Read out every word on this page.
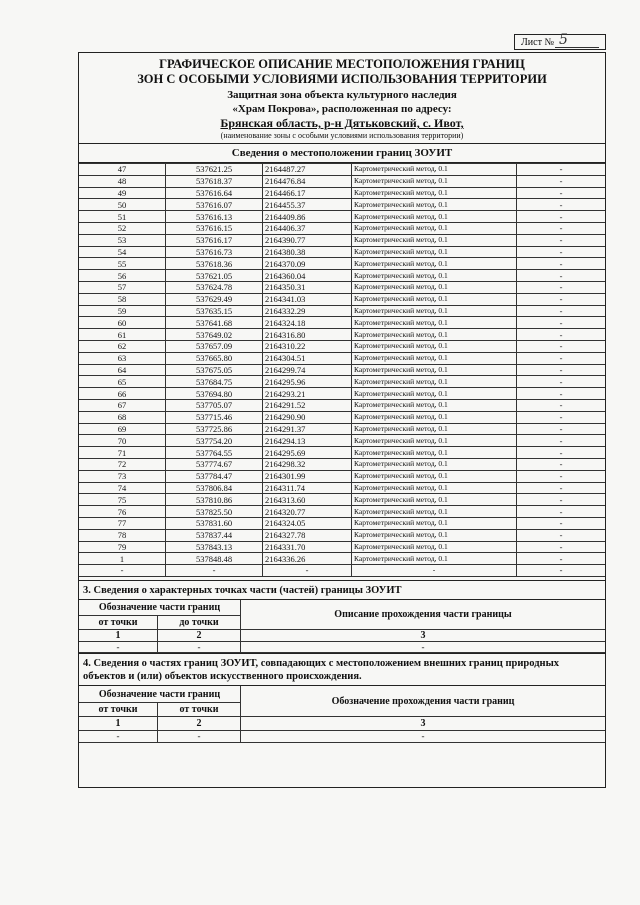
Лист № 5
ГРАФИЧЕСКОЕ ОПИСАНИЕ МЕСТОПОЛОЖЕНИЯ ГРАНИЦ
ЗОН С ОСОБЫМИ УСЛОВИЯМИ ИСПОЛЬЗОВАНИЯ ТЕРРИТОРИИ
Защитная зона объекта культурного наследия
«Храм Покрова», расположенная по адресу:
Брянская область, р-н Дятьковский, с. Ивот,
(наименование зоны с особыми условиями использования территории)
Сведения о местоположении границ ЗОУИТ
47	537621.25	2164487.27	Картометрический метод, 0.1	-
48	537618.37	2164476.84	Картометрический метод, 0.1	-
49	537616.64	2164466.17	Картометрический метод, 0.1	-
50	537616.07	2164455.37	Картометрический метод, 0.1	-
51	537616.13	2164409.86	Картометрический метод, 0.1	-
52	537616.15	2164406.37	Картометрический метод, 0.1	-
53	537616.17	2164390.77	Картометрический метод, 0.1	-
54	537616.73	2164380.38	Картометрический метод, 0.1	-
55	537618.36	2164370.09	Картометрический метод, 0.1	-
56	537621.05	2164360.04	Картометрический метод, 0.1	-
57	537624.78	2164350.31	Картометрический метод, 0.1	-
58	537629.49	2164341.03	Картометрический метод, 0.1	-
59	537635.15	2164332.29	Картометрический метод, 0.1	-
60	537641.68	2164324.18	Картометрический метод, 0.1	-
61	537649.02	2164316.80	Картометрический метод, 0.1	-
62	537657.09	2164310.22	Картометрический метод, 0.1	-
63	537665.80	2164304.51	Картометрический метод, 0.1	-
64	537675.05	2164299.74	Картометрический метод, 0.1	-
65	537684.75	2164295.96	Картометрический метод, 0.1	-
66	537694.80	2164293.21	Картометрический метод, 0.1	-
67	537705.07	2164291.52	Картометрический метод, 0.1	-
68	537715.46	2164290.90	Картометрический метод, 0.1	-
69	537725.86	2164291.37	Картометрический метод, 0.1	-
70	537754.20	2164294.13	Картометрический метод, 0.1	-
71	537764.55	2164295.69	Картометрический метод, 0.1	-
72	537774.67	2164298.32	Картометрический метод, 0.1	-
73	537784.47	2164301.99	Картометрический метод, 0.1	-
74	537806.84	2164311.74	Картометрический метод, 0.1	-
75	537810.86	2164313.60	Картометрический метод, 0.1	-
76	537825.50	2164320.77	Картометрический метод, 0.1	-
77	537831.60	2164324.05	Картометрический метод, 0.1	-
78	537837.44	2164327.78	Картометрический метод, 0.1	-
79	537843.13	2164331.70	Картометрический метод, 0.1	-
1	537848.48	2164336.26	Картометрический метод, 0.1	-
-	-	-	-	-
3. Сведения о характерных точках части (частей) границы ЗОУИТ
Обозначение части границ		Описание прохождения части границы
от точки	до точки	
1	2	3
-	-	-
4. Сведения о частях границ ЗОУИТ, совпадающих с местоположением внешних границ природных объектов и (или) объектов искусственного происхождения.
Обозначение части границ		Обозначение прохождения части границ
от точки	от точки	
1	2	3
-	-	-
